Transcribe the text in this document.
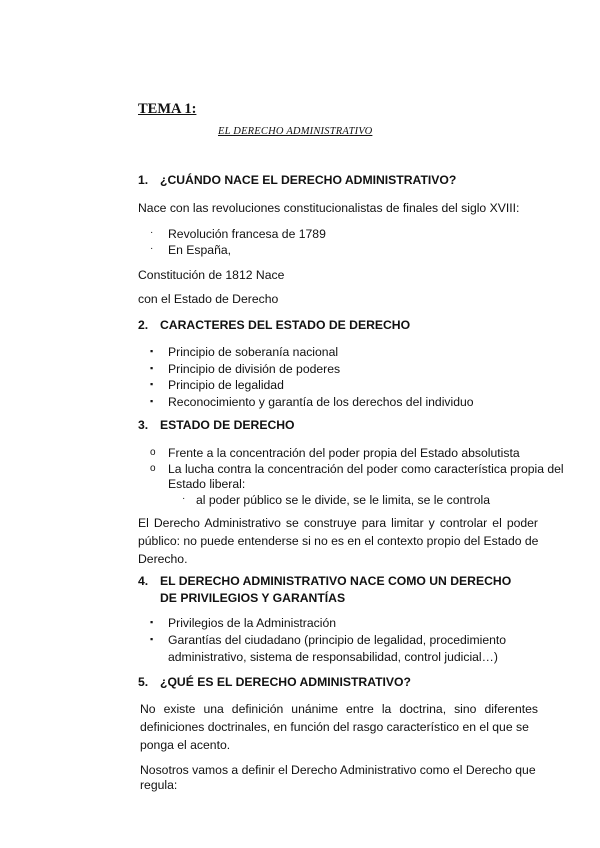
TEMA 1:
EL DERECHO ADMINISTRATIVO
1. ¿CUÁNDO NACE EL DERECHO ADMINISTRATIVO?
Nace con las revoluciones constitucionalistas de finales del siglo XVIII:
· Revolución francesa de 1789
· En España,
Constitución de 1812 Nace
con el Estado de Derecho
2. CARACTERES DEL ESTADO DE DERECHO
▪ Principio de soberanía nacional
▪ Principio de división de poderes
▪ Principio de legalidad
▪ Reconocimiento y garantía de los derechos del individuo
3. ESTADO DE DERECHO
o Frente a la concentración del poder propia del Estado absolutista
o La lucha contra la concentración del poder como característica propia del
Estado liberal:
· al poder público se le divide, se le limita, se le controla
El Derecho Administrativo se construye para limitar y controlar el poder
público: no puede entenderse si no es en el contexto propio del Estado de
Derecho.
4. EL DERECHO ADMINISTRATIVO NACE COMO UN DERECHO
DE PRIVILEGIOS Y GARANTÍAS
▪ Privilegios de la Administración
▪ Garantías del ciudadano (principio de legalidad, procedimiento
administrativo, sistema de responsabilidad, control judicial…)
5. ¿QUÉ ES EL DERECHO ADMINISTRATIVO?
No existe una definición unánime entre la doctrina, sino diferentes
definiciones doctrinales, en función del rasgo característico en el que se
ponga el acento.
Nosotros vamos a definir el Derecho Administrativo como el Derecho que
regula:
